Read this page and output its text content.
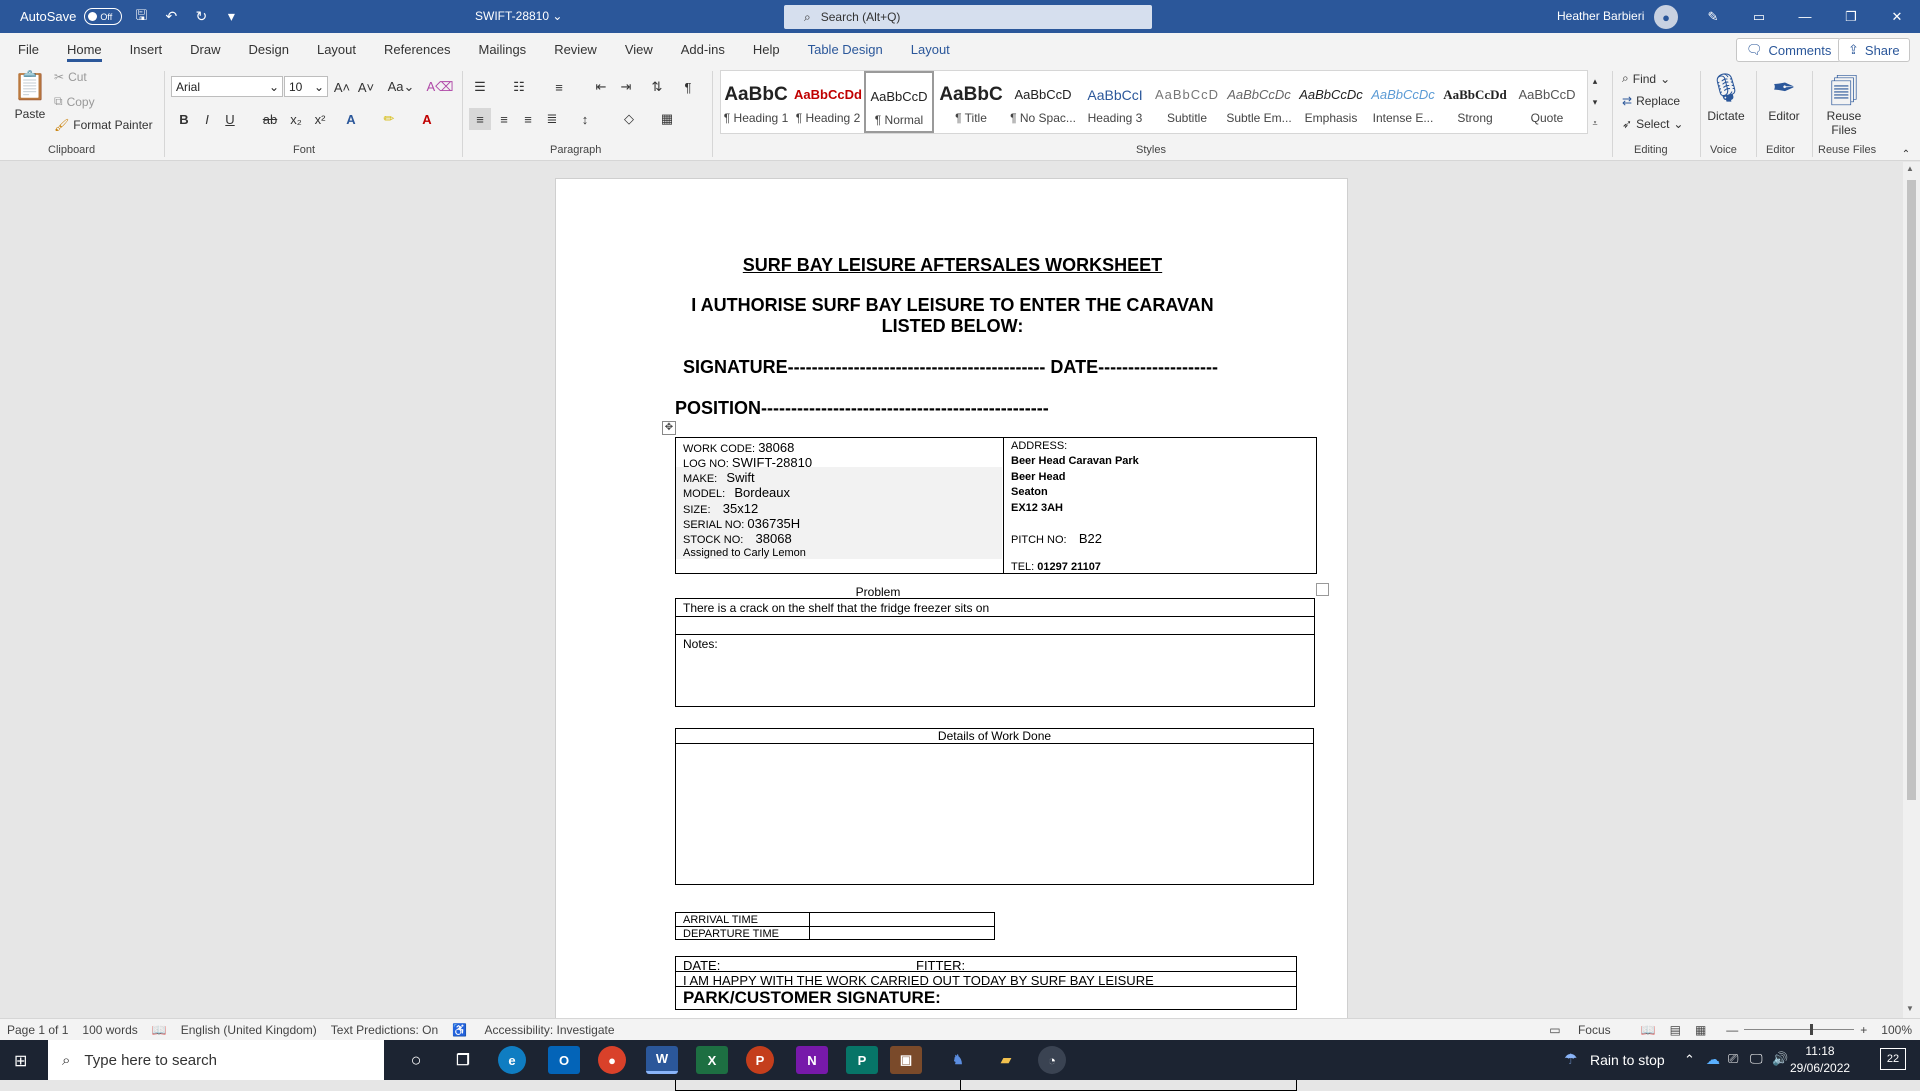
AutoSave	Off	🖫	↶	↻	▾	SWIFT-28810 ⌄	⌕ Search (Alt+Q)	Heather Barbieri	●	✎	▭	—	❐	✕
File	Home	Insert	Draw	Design	Layout	References	Mailings	Review	View	Add-ins	Help	Table Design	Layout	🗨 Comments ⇪ Share
📋
Paste
✂ Cut
⧉ Copy
🖌 Format Painter
Clipboard
Arial	⌄ 10 ⌄ A˄ A˅ Aa⌄ A⌫
B	I	U	ab x₂ x²	A	✏	A
Font
☰	☷	≡	⇤	⇥	⇅	¶
≡	≡	≡	≣	↕	◇	▦
Paragraph
AaBbC
¶ Heading 1
AaBbCcDd
¶ Heading 2
AaBbCcD
¶ Normal
AaBbC
¶ Title
AaBbCcD
¶ No Spac...
AaBbCcI
Heading 3
AaBbCcD
Subtitle
AaBbCcDc
Subtle Em...
AaBbCcDc
Emphasis
AaBbCcDc
Intense E...
AaBbCcDd
Strong
AaBbCcD
Quote
▴
▾
⩡
Styles
⌕ Find ⌄
⇄ Replace
➶ Select ⌄
Editing
🎙
Dictate
Voice
✒
Editor
Editor
🗐
Reuse Files
Reuse Files	⌃
SURF BAY LEISURE AFTERSALES WORKSHEET
I AUTHORISE SURF BAY LEISURE TO ENTER THE CARAVAN
LISTED BELOW:
SIGNATURE------------------------------------------- DATE--------------------
POSITION------------------------------------------------
✥
WORK CODE: 38068
LOG NO: SWIFT-28810
MAKE: Swift
MODEL: Bordeaux
SIZE: 35x12
SERIAL NO: 036735H
STOCK NO: 38068
Assigned to Carly Lemon
ADDRESS:
Beer Head Caravan Park
Beer Head
Seaton
EX12 3AH
PITCH NO: B22
TEL: 01297 21107
Problem
There is a crack on the shelf that the fridge freezer sits on
Notes:
Details of Work Done
ARRIVAL TIME
DEPARTURE TIME
DATE:	FITTER:
I AM HAPPY WITH THE WORK CARRIED OUT TODAY BY SURF BAY LEISURE
PARK/CUSTOMER SIGNATURE:
▲
▼
Page 1 of 1 100 words 📖 English (United Kingdom) Text Predictions: On ♿ Accessibility: Investigate	▭ Focus	📖 ▤ ▦ —	+ 100%
⊞ ⌕ Type here to search	○	❐	e	O	●	W	X	P	N	P	▣	♞	▰	◔	☂ Rain to stop ⌃ ☁ ⎚ 🖵 🔊	11:18
29/06/2022
22
